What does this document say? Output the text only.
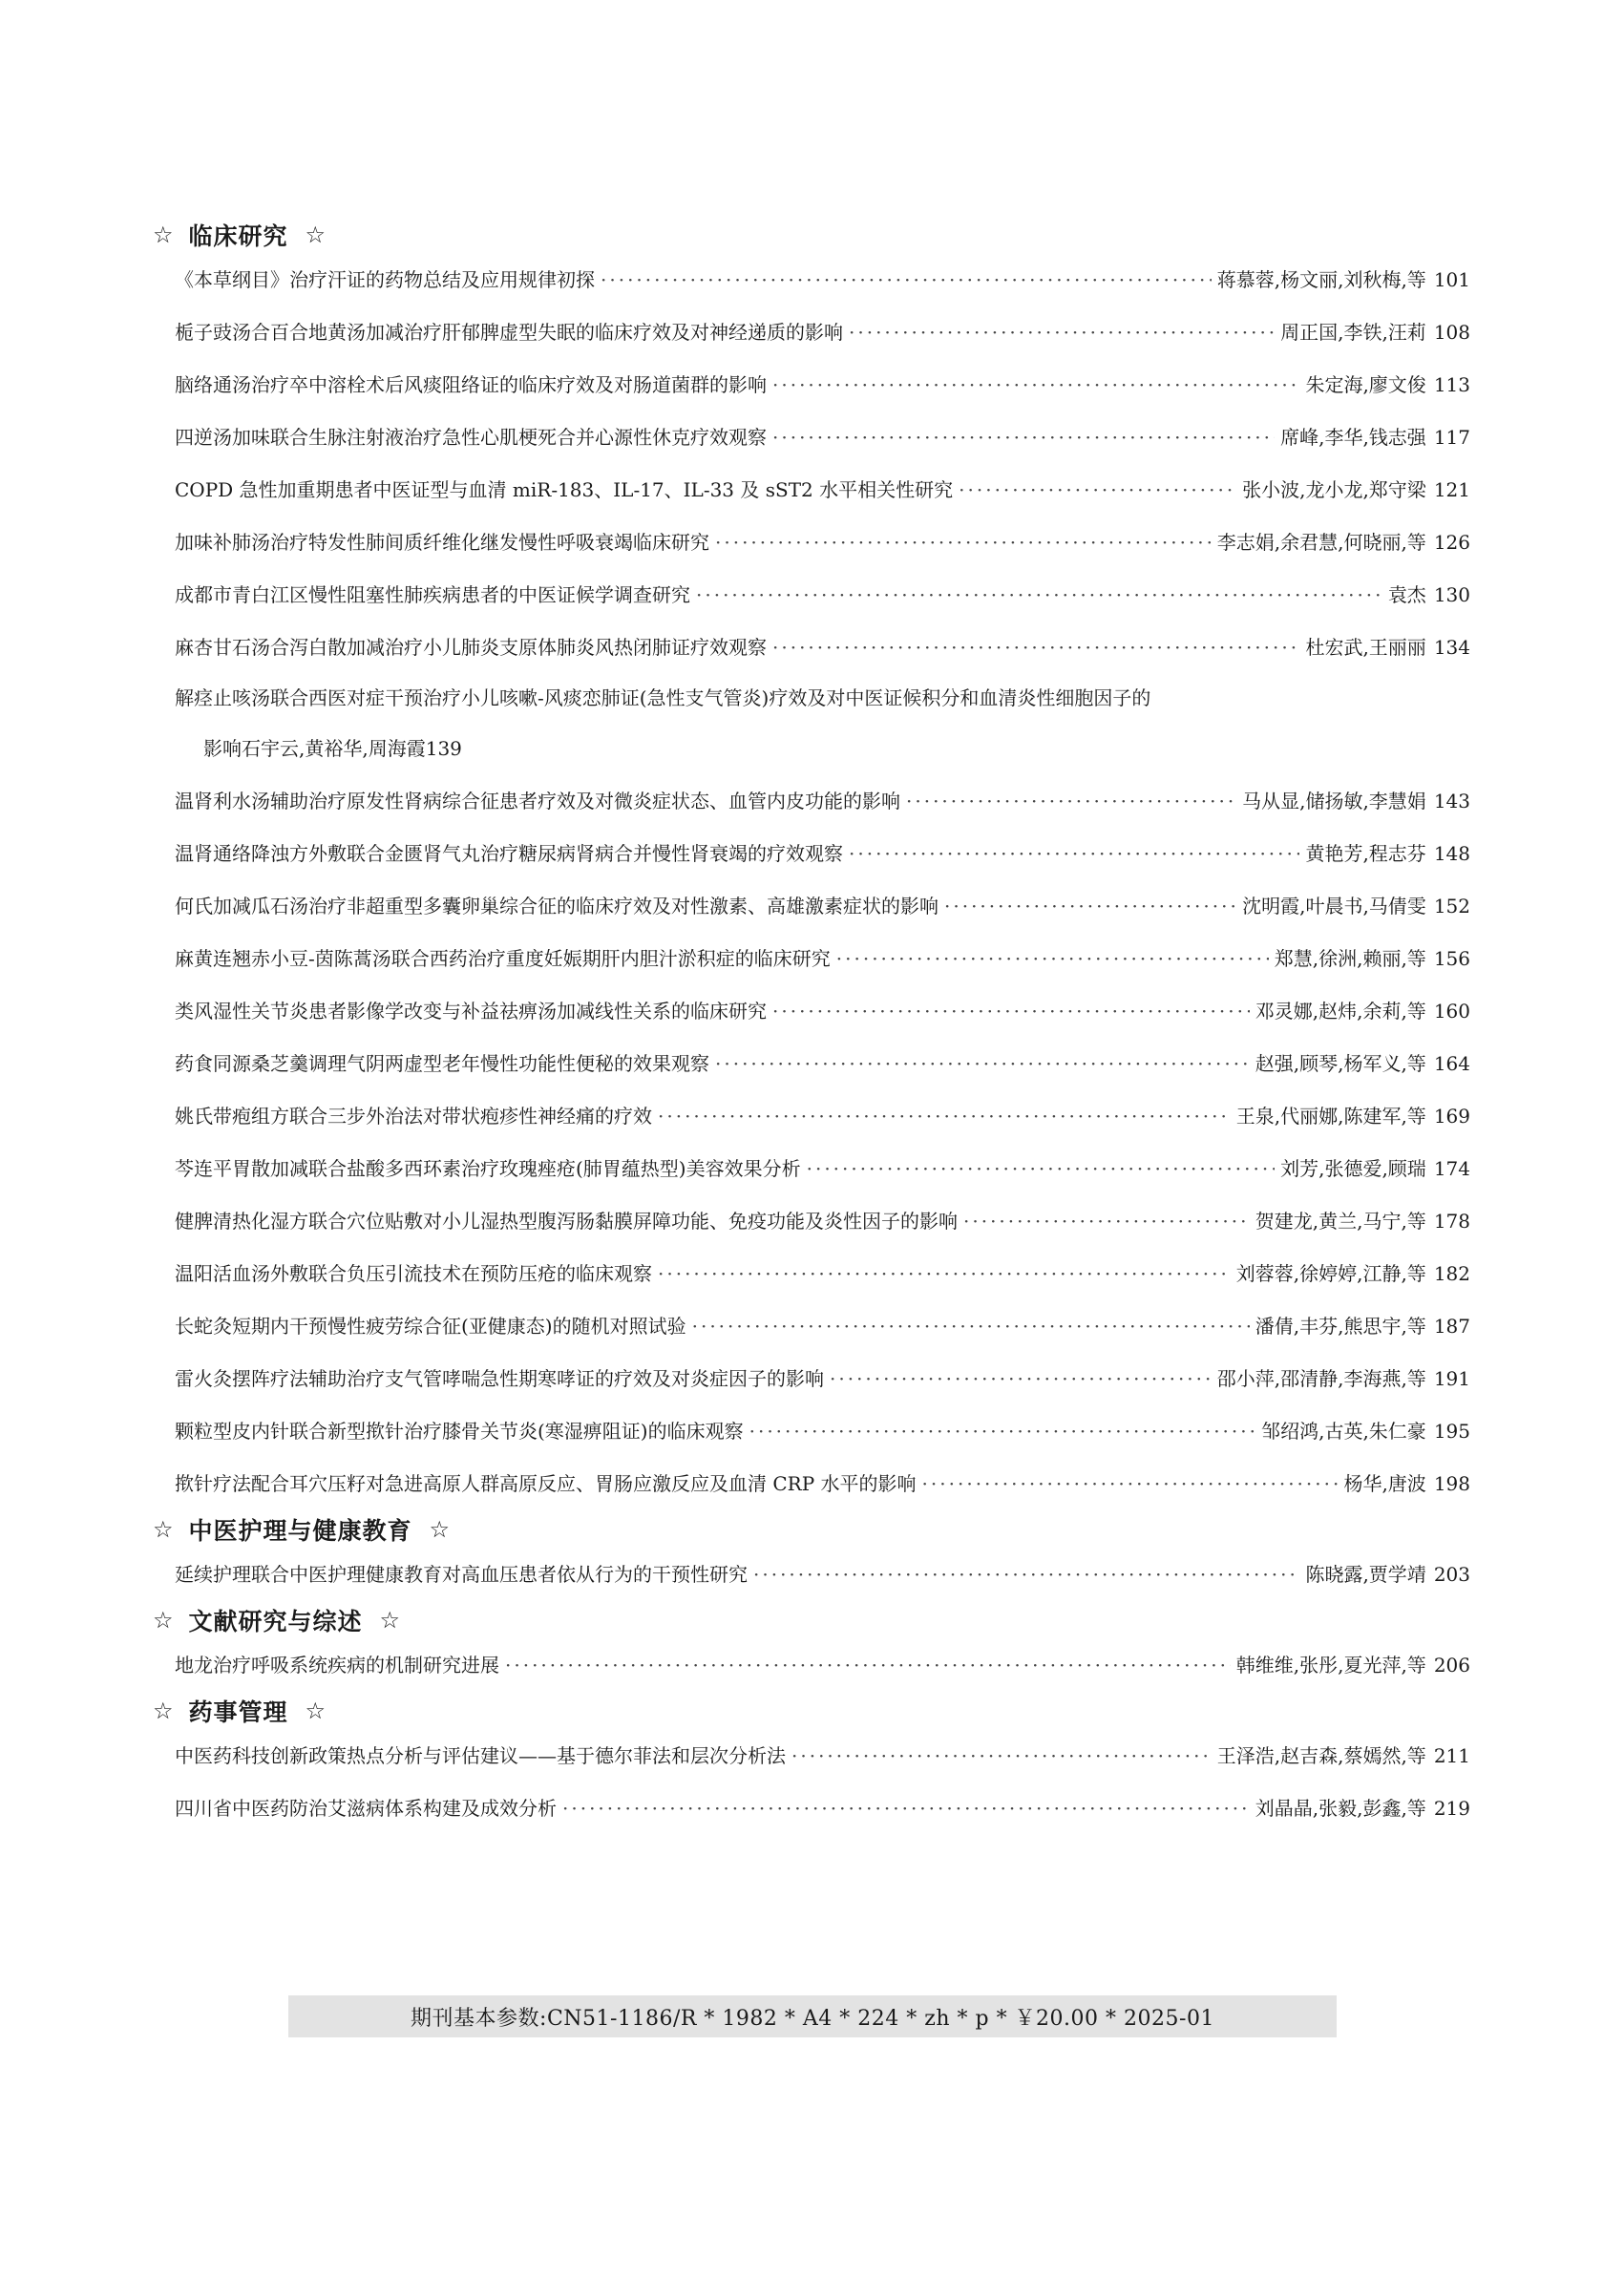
☆ 临床研究 ☆
《本草纲目》治疗汗证的药物总结及应用规律初探 ·····	蒋慕蓉,杨文丽,刘秋梅,等 101
栀子豉汤合百合地黄汤加减治疗肝郁脾虚型失眠的临床疗效及对神经递质的影响 ·····	周正国,李铁,汪莉 108
脑络通汤治疗卒中溶栓术后风痰阻络证的临床疗效及对肠道菌群的影响 ·····	朱定海,廖文俊 113
四逆汤加味联合生脉注射液治疗急性心肌梗死合并心源性休克疗效观察 ·····	席峰,李华,钱志强 117
COPD 急性加重期患者中医证型与血清 miR-183、IL-17、IL-33 及 sST2 水平相关性研究 ·····	张小波,龙小龙,郑守梁 121
加味补肺汤治疗特发性肺间质纤维化继发慢性呼吸衰竭临床研究 ·····	李志娟,余君慧,何晓丽,等 126
成都市青白江区慢性阻塞性肺疾病患者的中医证候学调查研究 ·····	袁杰 130
麻杏甘石汤合泻白散加减治疗小儿肺炎支原体肺炎风热闭肺证疗效观察 ·····	杜宏武,王丽丽 134
解痉止咳汤联合西医对症干预治疗小儿咳嗽-风痰恋肺证(急性支气管炎)疗效及对中医证候积分和血清炎性细胞因子的
影响 石宇云,黄裕华,周海霞 139
温肾利水汤辅助治疗原发性肾病综合征患者疗效及对微炎症状态、血管内皮功能的影响 ·····	马从显,储扬敏,李慧娟 143
温肾通络降浊方外敷联合金匮肾气丸治疗糖尿病肾病合并慢性肾衰竭的疗效观察 ·····	黄艳芳,程志芬 148
何氏加减瓜石汤治疗非超重型多囊卵巢综合征的临床疗效及对性激素、高雄激素症状的影响 ·····	沈明霞,叶晨书,马倩雯 152
麻黄连翘赤小豆-茵陈蒿汤联合西药治疗重度妊娠期肝内胆汁淤积症的临床研究 ·····	郑慧,徐洲,赖丽,等 156
类风湿性关节炎患者影像学改变与补益祛痹汤加减线性关系的临床研究 ·····	邓灵娜,赵炜,余莉,等 160
药食同源桑芝羹调理气阴两虚型老年慢性功能性便秘的效果观察 ·····	赵强,顾琴,杨军义,等 164
姚氏带疱组方联合三步外治法对带状疱疹性神经痛的疗效 ·····	王泉,代丽娜,陈建军,等 169
芩连平胃散加减联合盐酸多西环素治疗玫瑰痤疮(肺胃蕴热型)美容效果分析 ·····	刘芳,张德爱,顾瑞 174
健脾清热化湿方联合穴位贴敷对小儿湿热型腹泻肠黏膜屏障功能、免疫功能及炎性因子的影响 ·····	贺建龙,黄兰,马宁,等 178
温阳活血汤外敷联合负压引流技术在预防压疮的临床观察 ·····	刘蓉蓉,徐婷婷,江静,等 182
长蛇灸短期内干预慢性疲劳综合征(亚健康态)的随机对照试验 ·····	潘倩,丰芬,熊思宇,等 187
雷火灸摆阵疗法辅助治疗支气管哮喘急性期寒哮证的疗效及对炎症因子的影响 ·····	邵小萍,邵清静,李海燕,等 191
颗粒型皮内针联合新型揿针治疗膝骨关节炎(寒湿痹阻证)的临床观察 ·····	邹绍鸿,古英,朱仁豪 195
揿针疗法配合耳穴压籽对急进高原人群高原反应、胃肠应激反应及血清 CRP 水平的影响 ·····	杨华,唐波 198
☆ 中医护理与健康教育 ☆
延续护理联合中医护理健康教育对高血压患者依从行为的干预性研究 ·····	陈晓露,贾学靖 203
☆ 文献研究与综述 ☆
地龙治疗呼吸系统疾病的机制研究进展 ·····	韩维维,张彤,夏光萍,等 206
☆ 药事管理 ☆
中医药科技创新政策热点分析与评估建议——基于德尔菲法和层次分析法 ·····	王泽浩,赵吉森,蔡嫣然,等 211
四川省中医药防治艾滋病体系构建及成效分析 ·····	刘晶晶,张毅,彭鑫,等 219
期刊基本参数:CN51-1186/R * 1982 * A4 * 224 * zh * p * ￥20.00 * 2025-01
